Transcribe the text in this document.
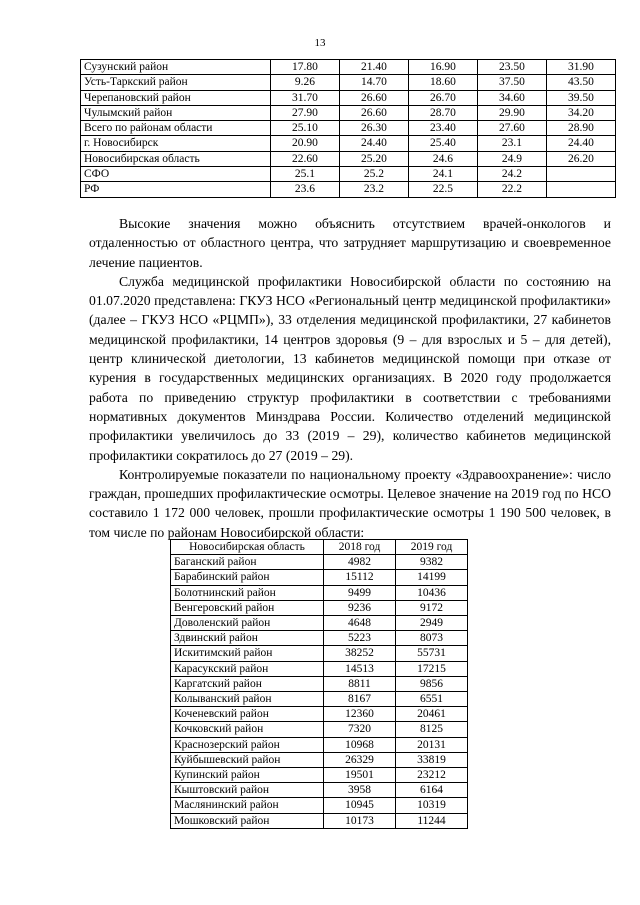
13
Сузунский район	17.80	21.40	16.90	23.50	31.90
Усть-Таркский район	9.26	14.70	18.60	37.50	43.50
Черепановский район	31.70	26.60	26.70	34.60	39.50
Чулымский район	27.90	26.60	28.70	29.90	34.20
Всего по районам области	25.10	26.30	23.40	27.60	28.90
г. Новосибирск	20.90	24.40	25.40	23.1	24.40
Новосибирская область	22.60	25.20	24.6	24.9	26.20
СФО	25.1	25.2	24.1	24.2	
РФ	23.6	23.2	22.5	22.2	

Высокие значения можно объяснить отсутствием врачей-онкологов и отдаленностью от областного центра, что затрудняет маршрутизацию и своевременное лечение пациентов.

Служба медицинской профилактики Новосибирской области по состоянию на 01.07.2020 представлена: ГКУЗ НСО «Региональный центр медицинской профилактики» (далее – ГКУЗ НСО «РЦМП»), 33 отделения медицинской профилактики, 27 кабинетов медицинской профилактики, 14 центров здоровья (9 – для взрослых и 5 – для детей), центр клинической диетологии, 13 кабинетов медицинской помощи при отказе от курения в государственных медицинских организациях. В 2020 году продолжается работа по приведению структур профилактики в соответствии с требованиями нормативных документов Минздрава России. Количество отделений медицинской профилактики увеличилось до 33 (2019 – 29), количество кабинетов медицинской профилактики сократилось до 27 (2019 – 29).

Контролируемые показатели по национальному проекту «Здравоохранение»: число граждан, прошедших профилактические осмотры. Целевое значение на 2019 год по НСО составило 1 172 000 человек, прошли профилактические осмотры 1 190 500 человек, в том числе по районам Новосибирской области:

Новосибирская область	2018 год	2019 год
Баганский район	4982	9382
Барабинский район	15112	14199
Болотнинский район	9499	10436
Венгеровский район	9236	9172
Доволенский район	4648	2949
Здвинский район	5223	8073
Искитимский район	38252	55731
Карасукский район	14513	17215
Каргатский район	8811	9856
Колыванский район	8167	6551
Коченевский район	12360	20461
Кочковский район	7320	8125
Краснозерский район	10968	20131
Куйбышевский район	26329	33819
Купинский район	19501	23212
Кыштовский район	3958	6164
Маслянинский район	10945	10319
Мошковский район	10173	11244
